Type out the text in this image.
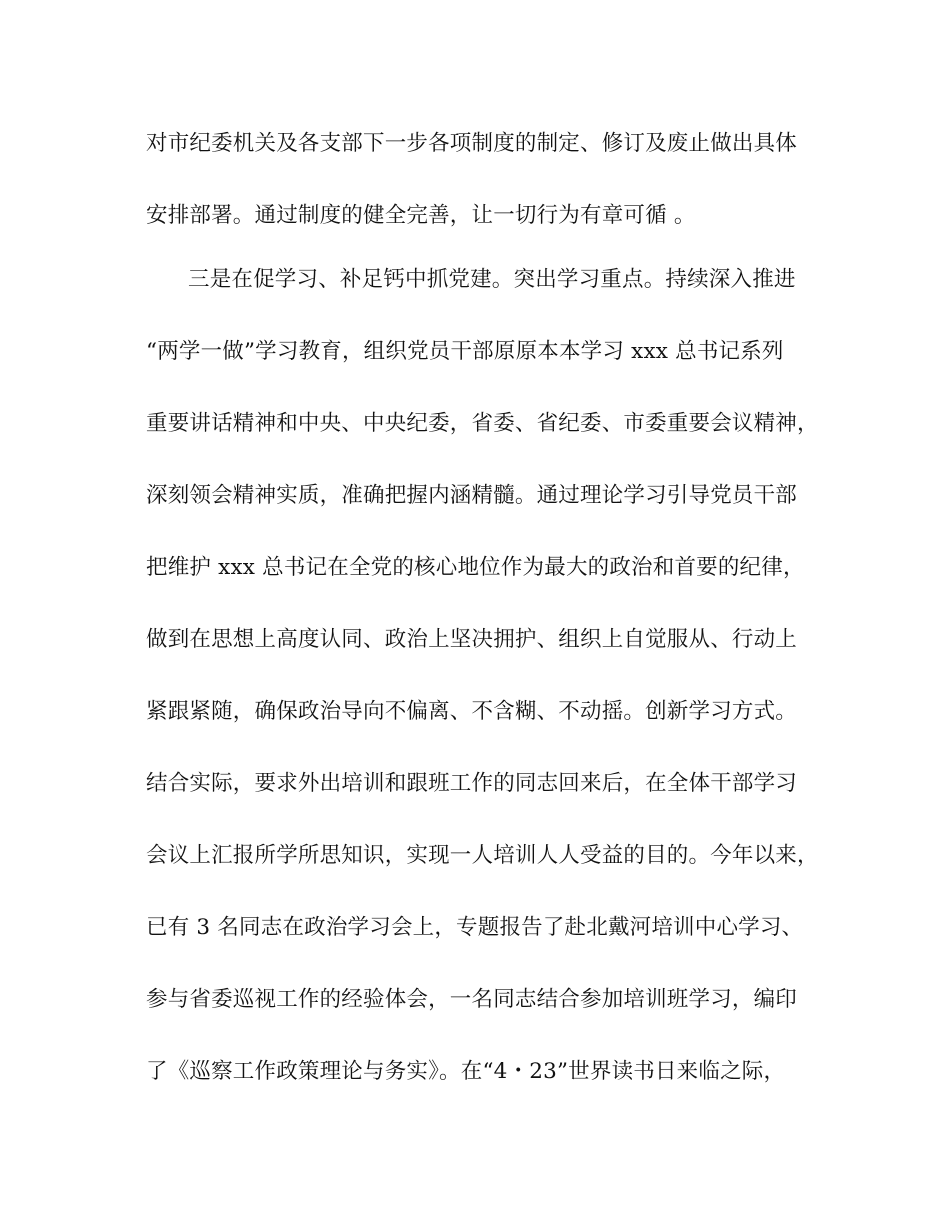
对市纪委机关及各支部下一步各项制度的制定、修订及废止做出具体
安排部署。通过制度的健全完善，让一切行为有章可循 。
三是在促学习、补足钙中抓党建。突出学习重点。持续深入推进
“两学一做”学习教育，组织党员干部原原本本学习 xxx 总书记系列
重要讲话精神和中央、中央纪委，省委、省纪委、市委重要会议精神，
深刻领会精神实质，准确把握内涵精髓。通过理论学习引导党员干部
把维护 xxx 总书记在全党的核心地位作为最大的政治和首要的纪律，
做到在思想上高度认同、政治上坚决拥护、组织上自觉服从、行动上
紧跟紧随，确保政治导向不偏离、不含糊、不动摇。创新学习方式。
结合实际，要求外出培训和跟班工作的同志回来后，在全体干部学习
会议上汇报所学所思知识，实现一人培训人人受益的目的。今年以来，
已有 3 名同志在政治学习会上，专题报告了赴北戴河培训中心学习、
参与省委巡视工作的经验体会，一名同志结合参加培训班学习，编印
了《巡察工作政策理论与务实》。在“4・23”世界读书日来临之际，
